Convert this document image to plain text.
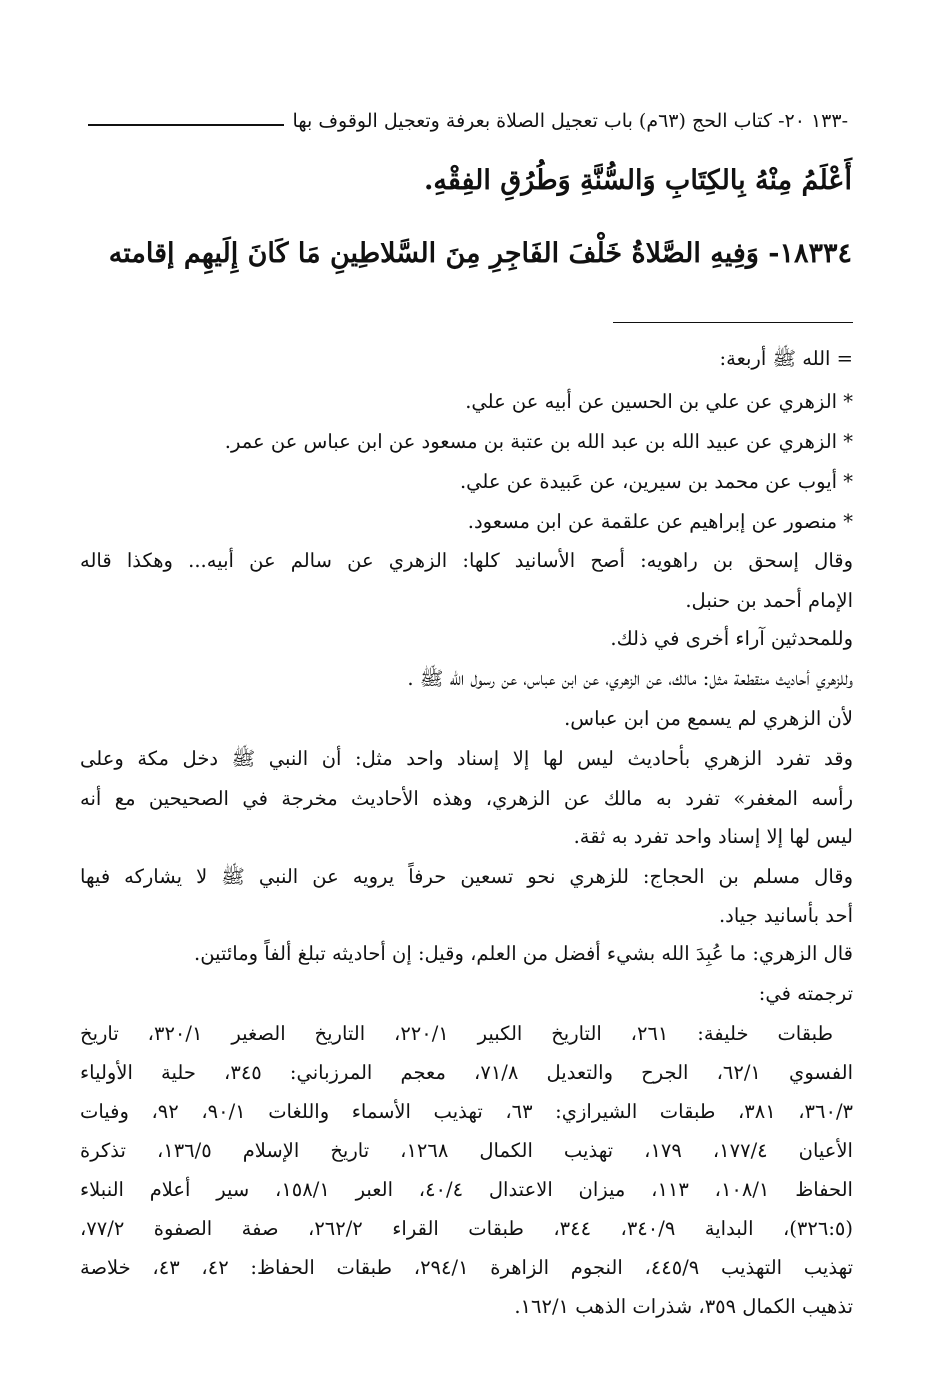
-١٣٣
٢٠- كتاب الحج (٦٣م) باب تعجيل الصلاة بعرفة وتعجيل الوقوف بها
أَعْلَمُ مِنْهُ بِالكِتَابِ وَالسُّنَّةِ وَطُرُقِ الفِقْهِ.
١٨٣٣٤- وَفِيهِ الصَّلاةُ خَلْفَ الفَاجِرِ مِنَ السَّلاطِينِ مَا كَانَ إِلَيهِم إقامته
= الله ﷺ أربعة:
* الزهري عن علي بن الحسين عن أبيه عن علي.
* الزهري عن عبيد الله بن عبد الله بن عتبة بن مسعود عن ابن عباس عن عمر.
* أيوب عن محمد بن سيرين، عن عَبيدة عن علي.
* منصور عن إبراهيم عن علقمة عن ابن مسعود.
وقال إسحق بن راهويه: أصح الأسانيد كلها: الزهري عن سالم عن أبيه... وهكذا قاله
الإمام أحمد بن حنبل.
وللمحدثين آراء أخرى في ذلك.
وللزهري أحاديث منقطعة مثل: مالك، عن الزهري، عن ابن عباس، عن رسول الله ﷺ .
لأن الزهري لم يسمع من ابن عباس.
وقد تفرد الزهري بأحاديث ليس لها إلا إسناد واحد مثل: أن النبي ﷺ دخل مكة وعلى
رأسه المغفر» تفرد به مالك عن الزهري، وهذه الأحاديث مخرجة في الصحيحين مع أنه
ليس لها إلا إسناد واحد تفرد به ثقة.
وقال مسلم بن الحجاج: للزهري نحو تسعين حرفاً يرويه عن النبي ﷺ لا يشاركه فيها
أحد بأسانيد جياد.
قال الزهري: ما عُبِدَ الله بشيء أفضل من العلم، وقيل: إن أحاديثه تبلغ ألفاً ومائتين.
ترجمته في:
طبقات خليفة: ٢٦١، التاريخ الكبير ٢٢٠/١، التاريخ الصغير ٣٢٠/١، تاريخ
الفسوي ٦٢/١، الجرح والتعديل ٧١/٨، معجم المرزباني: ٣٤٥، حلية الأولياء
٣٦٠/٣، ٣٨١، طبقات الشيرازي: ٦٣، تهذيب الأسماء واللغات ٩٠/١، ٩٢، وفيات
الأعيان ١٧٧/٤، ١٧٩، تهذيب الكمال ١٢٦٨، تاريخ الإسلام ١٣٦/٥، تذكرة
الحفاظ ١٠٨/١، ١١٣، ميزان الاعتدال ٤٠/٤، العبر ١٥٨/١، سير أعلام النبلاء
(٣٢٦:٥)، البداية ٣٤٠/٩، ٣٤٤، طبقات القراء ٢٦٢/٢، صفة الصفوة ٧٧/٢،
تهذيب التهذيب ٤٤٥/٩، النجوم الزاهرة ٢٩٤/١، طبقات الحفاظ: ٤٢، ٤٣، خلاصة
تذهيب الكمال ٣٥٩، شذرات الذهب ١٦٢/١.
